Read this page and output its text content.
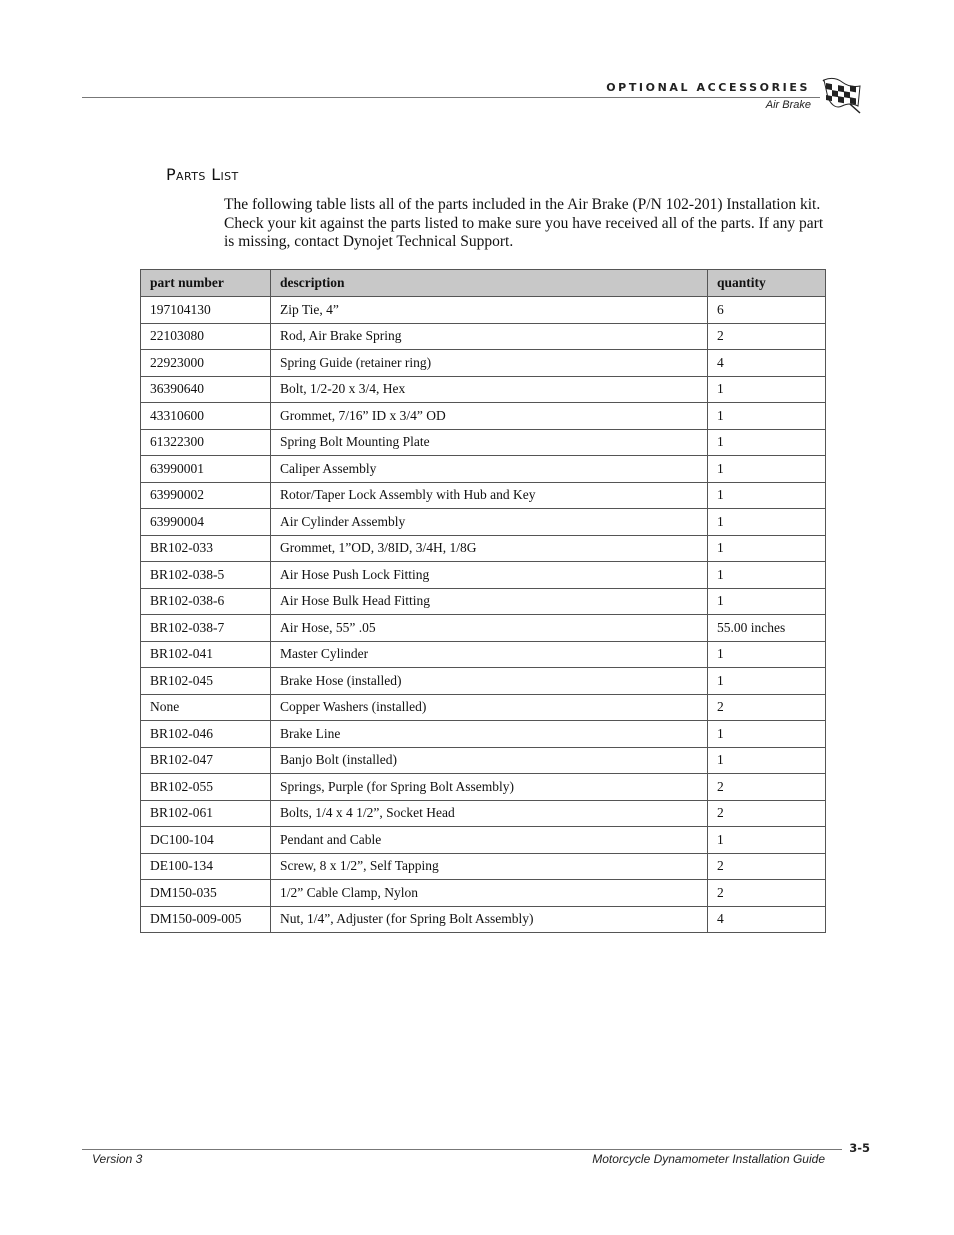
OPTIONAL ACCESSORIES
Air Brake
Parts List
The following table lists all of the parts included in the Air Brake (P/N 102-201) Installation kit. Check your kit against the parts listed to make sure you have received all of the parts. If any part is missing, contact Dynojet Technical Support.
part number	description	quantity
197104130	Zip Tie, 4”	6
22103080	Rod, Air Brake Spring	2
22923000	Spring Guide (retainer ring)	4
36390640	Bolt, 1/2-20 x 3/4, Hex	1
43310600	Grommet, 7/16” ID x 3/4” OD	1
61322300	Spring Bolt Mounting Plate	1
63990001	Caliper Assembly	1
63990002	Rotor/Taper Lock Assembly with Hub and Key	1
63990004	Air Cylinder Assembly	1
BR102-033	Grommet, 1”OD, 3/8ID, 3/4H, 1/8G	1
BR102-038-5	Air Hose Push Lock Fitting	1
BR102-038-6	Air Hose Bulk Head Fitting	1
BR102-038-7	Air Hose, 55” .05	55.00 inches
BR102-041	Master Cylinder	1
BR102-045	Brake Hose (installed)	1
None	Copper Washers (installed)	2
BR102-046	Brake Line	1
BR102-047	Banjo Bolt (installed)	1
BR102-055	Springs, Purple (for Spring Bolt Assembly)	2
BR102-061	Bolts, 1/4 x 4 1/2”, Socket Head	2
DC100-104	Pendant and Cable	1
DE100-134	Screw, 8 x 1/2”, Self Tapping	2
DM150-035	1/2” Cable Clamp, Nylon	2
DM150-009-005	Nut, 1/4”, Adjuster (for Spring Bolt Assembly)	4
Version 3	Motorcycle Dynamometer Installation Guide
3-5
